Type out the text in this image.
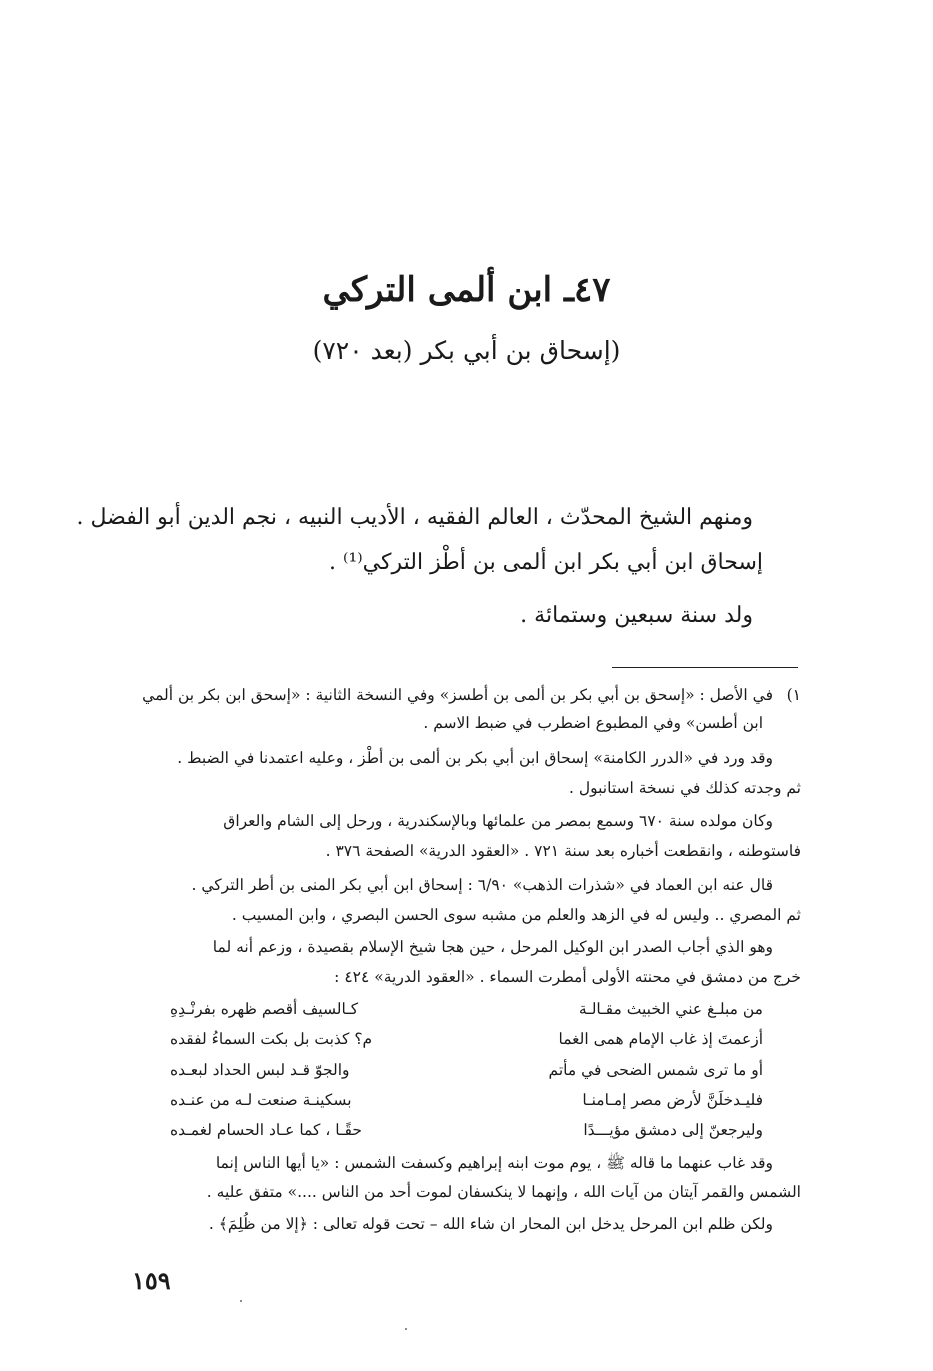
٤٧ـ ابن ألمى التركي
(إسحاق بن أبي بكر (بعد ٧٢٠)
ومنهم الشيخ المحدّث ، العالم الفقيه ، الأديب النبيه ، نجم الدين أبو الفضل .
إسحاق ابن أبي بكر ابن ألمى بن أطْز التركي⁽¹⁾ .
ولد سنة سبعين وستمائة .
١)
في الأصل : «إسحق بن أبي بكر بن ألمى بن أطسز» وفي النسخة الثانية : «إسحق ابن بكر بن ألمي
ابن أطسن» وفي المطبوع اضطرب في ضبط الاسم .
وقد ورد في «الدرر الكامنة» إسحاق ابن أبي بكر بن ألمى بن أطْز ، وعليه اعتمدنا في الضبط .
ثم وجدته كذلك في نسخة استانبول .
وكان مولده سنة ٦٧٠ وسمع بمصر من علمائها وبالإسكندرية ، ورحل إلى الشام والعراق
فاستوطنه ، وانقطعت أخباره بعد سنة ٧٢١ . «العقود الدرية» الصفحة ٣٧٦ .
قال عنه ابن العماد في «شذرات الذهب» ٦/٩٠ : إسحاق ابن أبي بكر المنى بن أطر التركي .
ثم المصري .. وليس له في الزهد والعلم من مشبه سوى الحسن البصري ، وابن المسيب .
وهو الذي أجاب الصدر ابن الوكيل المرحل ، حين هجا شيخ الإسلام بقصيدة ، وزعم أنه لما
خرج من دمشق في محنته الأولى أمطرت السماء . «العقود الدرية» ٤٢٤ :
من مبلـغ عني الخبيث مقـالـة
كـالسيف أقصم ظهره بفرنْـدِهِ
أزعمتَ إذ غاب الإمام همى الغما
م؟ كذبت بل بكت السماءُ لفقده
أو ما ترى شمس الضحى في مأتم
والجوّ قـد لبس الحداد لبعـده
فليـدخلَنَّ لأرض مصر إمـامنـا
بسكينـة صنعت لـه من عنـده
وليرجعنّ إلى دمشق مؤيـــدًا
حقًـا ، كما عـاد الحسام لغمـده
وقد غاب عنهما ما قاله ﷺ ، يوم موت ابنه إبراهيم وكسفت الشمس : «يا أيها الناس إنما
الشمس والقمر آيتان من آيات الله ، وإنهما لا ينكسفان لموت أحد من الناس ....» متفق عليه .
ولكن ظلم ابن المرحل يدخل ابن المحار ان شاء الله – تحت قوله تعالى : ﴿إلا من ظُلِمَ﴾ .
١٥٩
